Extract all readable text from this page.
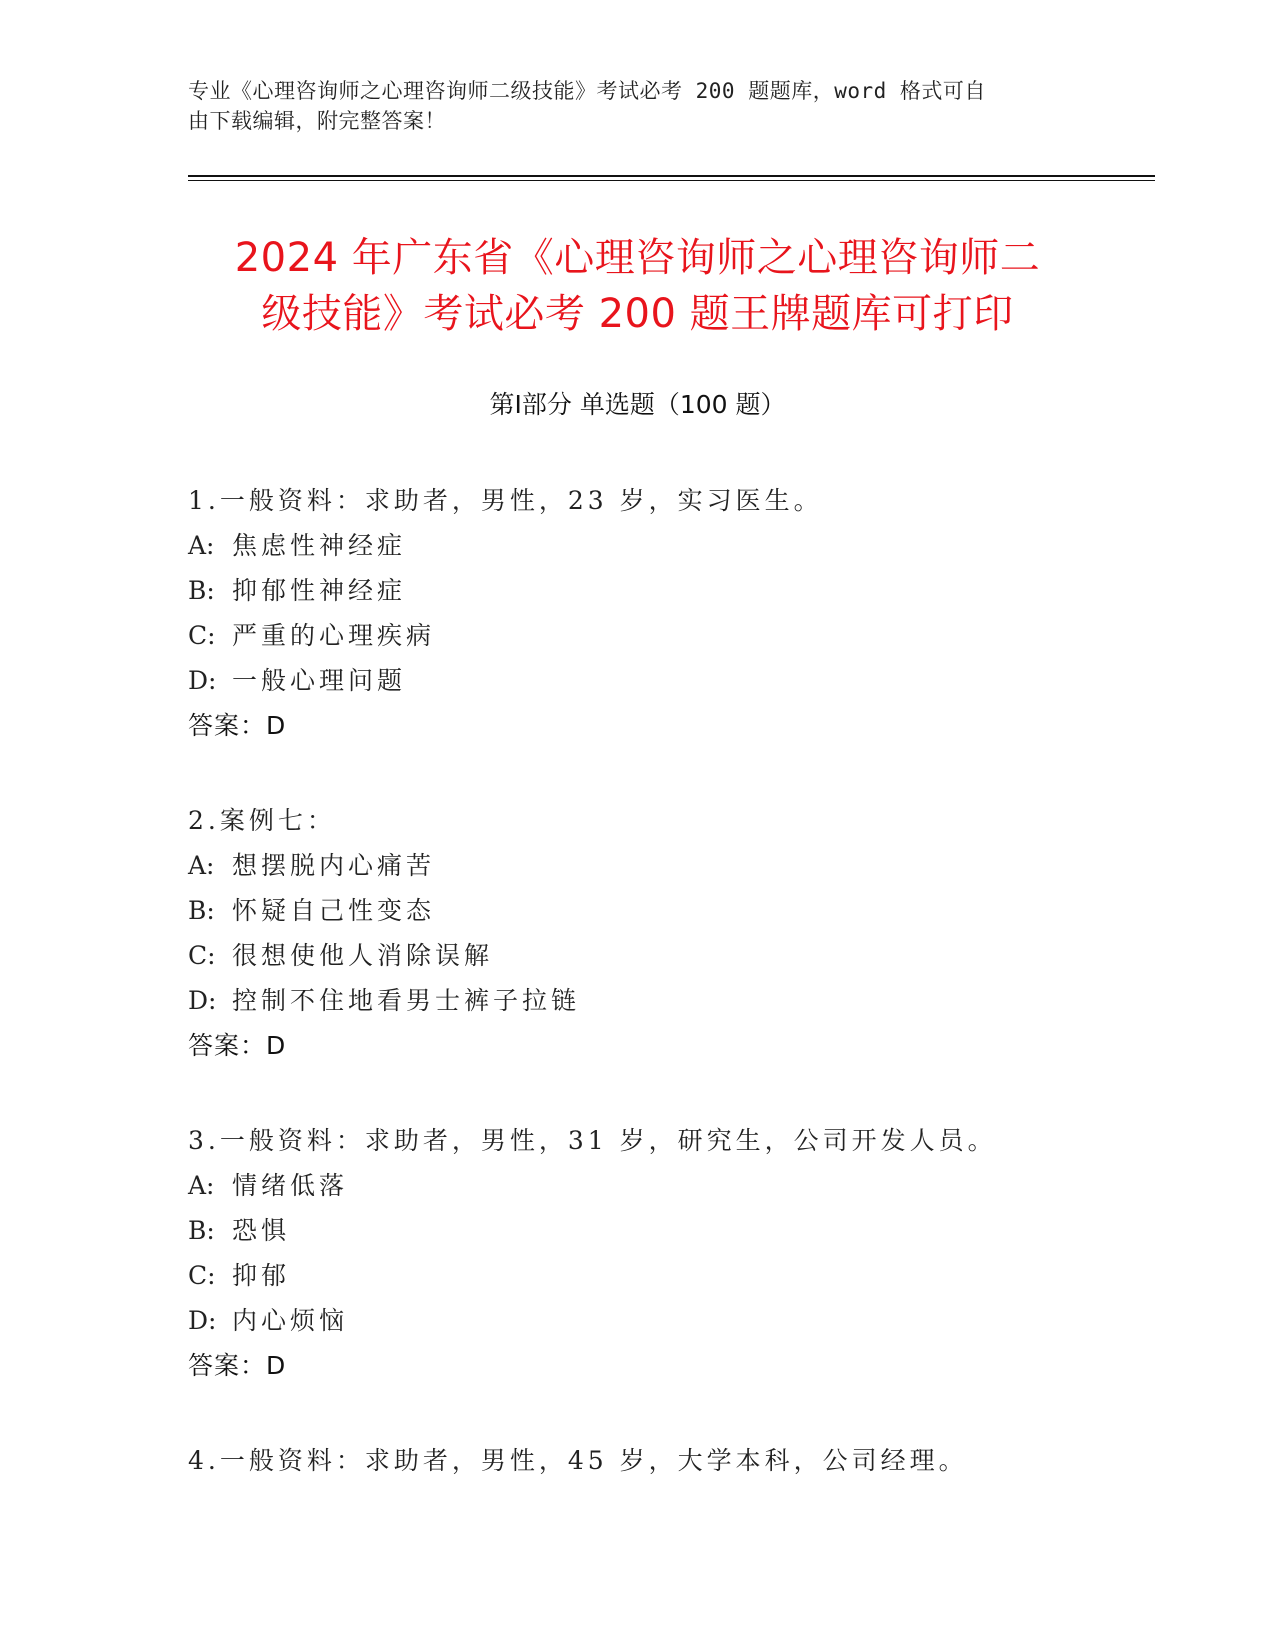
专业《心理咨询师之心理咨询师二级技能》考试必考 200 题题库，word 格式可自
由下载编辑，附完整答案！
2024 年广东省《心理咨询师之心理咨询师二
级技能》考试必考 200 题王牌题库可打印
第Ⅰ部分 单选题（100 题）
1.一般资料：求助者，男性，23 岁，实习医生。
A: 焦虑性神经症
B: 抑郁性神经症
C: 严重的心理疾病
D: 一般心理问题
答案：D
2.案例七：
A: 想摆脱内心痛苦
B: 怀疑自己性变态
C: 很想使他人消除误解
D: 控制不住地看男士裤子拉链
答案：D
3.一般资料：求助者，男性，31 岁，研究生，公司开发人员。
A: 情绪低落
B: 恐惧
C: 抑郁
D: 内心烦恼
答案：D
4.一般资料：求助者，男性，45 岁，大学本科，公司经理。
